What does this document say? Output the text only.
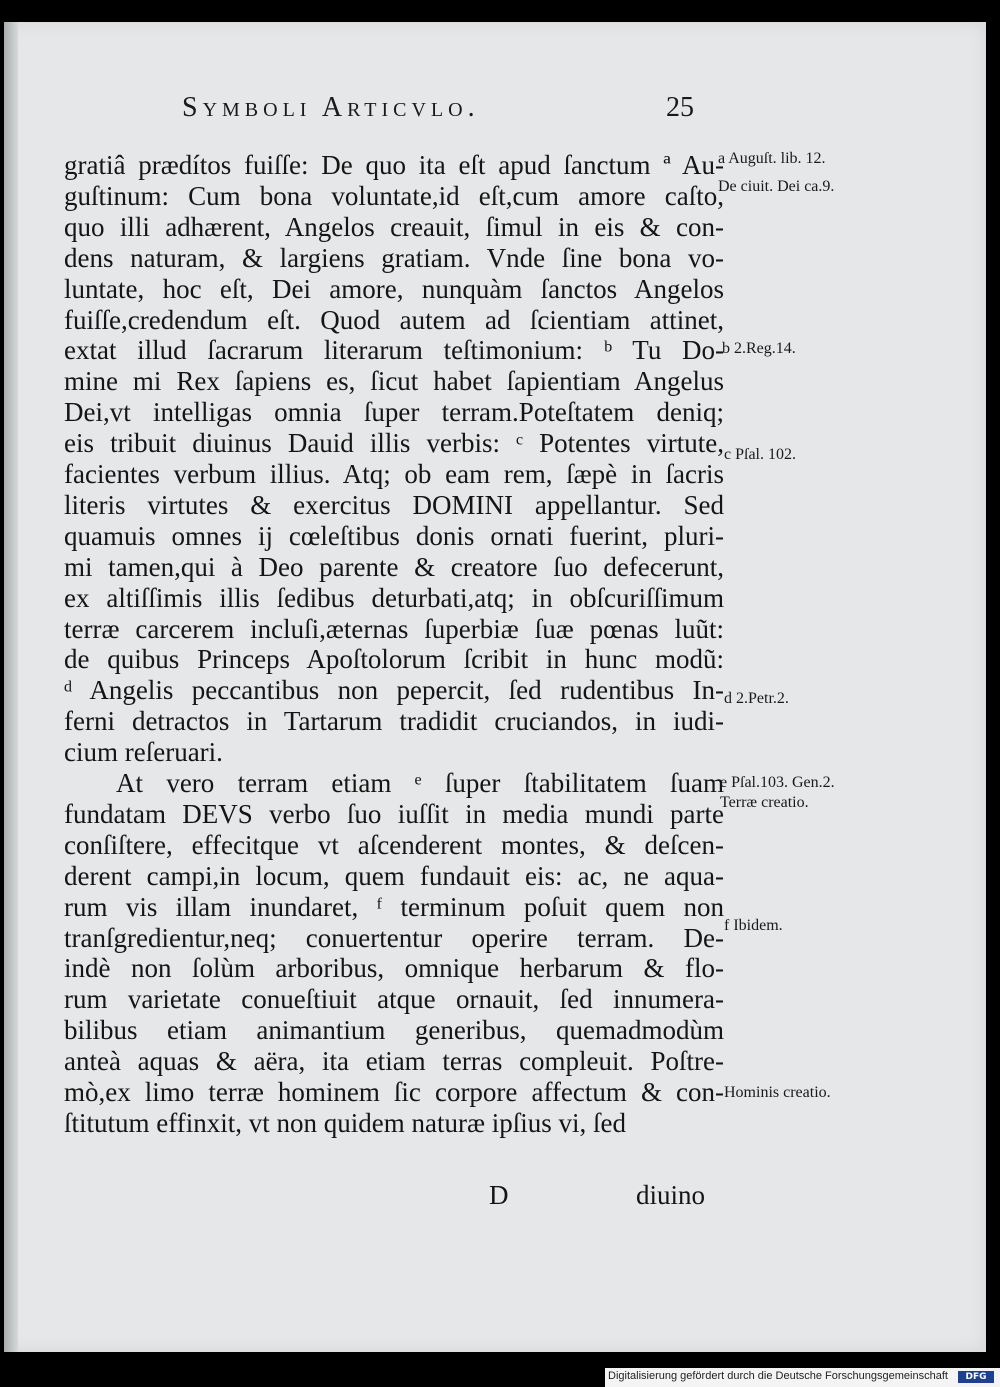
Symboli Articvlo.	25
gratiâ prædítos fuiſſe: De quo ita eſt apud ſanctum ª Au-
guſtinum: Cum bona voluntate,id eſt,cum amore caſto,
quo illi adhærent, Angelos creauit, ſimul in eis & con-
dens naturam, & largiens gratiam. Vnde ſine bona vo-
luntate, hoc eſt, Dei amore, nunquàm ſanctos Angelos
fuiſſe,credendum eſt. Quod autem ad ſcientiam attinet,
extat illud ſacrarum literarum teſtimonium: ᵇ Tu Do-
mine mi Rex ſapiens es, ſicut habet ſapientiam Angelus
Dei,vt intelligas omnia ſuper terram.Poteſtatem deniq;
eis tribuit diuinus Dauid illis verbis: ᶜ Potentes virtute,
facientes verbum illius. Atq; ob eam rem, ſæpè in ſacris
literis virtutes & exercitus DOMINI appellantur. Sed
quamuis omnes ij cœleſtibus donis ornati fuerint, pluri-
mi tamen,qui à Deo parente & creatore ſuo defecerunt,
ex altiſſimis illis ſedibus deturbati,atq; in obſcuriſſimum
terræ carcerem incluſi,æternas ſuperbiæ ſuæ pœnas luũt:
de quibus Princeps Apoſtolorum ſcribit in hunc modũ:
ᵈ Angelis peccantibus non pepercit, ſed rudentibus In-
ferni detractos in Tartarum tradidit cruciandos, in iudi-
cium reſeruari.
At vero terram etiam ᵉ ſuper ſtabilitatem ſuam
fundatam DEVS verbo ſuo iuſſit in media mundi parte
conſiſtere, effecitque vt aſcenderent montes, & deſcen-
derent campi,in locum, quem fundauit eis: ac, ne aqua-
rum vis illam inundaret, ᶠ terminum poſuit quem non
tranſgredientur,neq; conuertentur operire terram. De-
indè non ſolùm arboribus, omnique herbarum & flo-
rum varietate conueſtiuit atque ornauit, ſed innumera-
bilibus etiam animantium generibus, quemadmodùm
anteà aquas & aëra, ita etiam terras compleuit. Poſtre-
mò,ex limo terræ hominem ſic corpore affectum & con-
ſtitutum effinxit, vt non quidem naturæ ipſius vi, ſed
a Auguſt. lib. 12.
De ciuit. Dei ca.9.
b 2.Reg.14.
c Pſal. 102.
d 2.Petr.2.
e Pſal.103. Gen.2.
Terræ creatio.
f Ibidem.
Hominis creatio.
D	diuino
Digitalisierung gefördert durch die Deutsche Forschungsgemeinschaft	DFG
